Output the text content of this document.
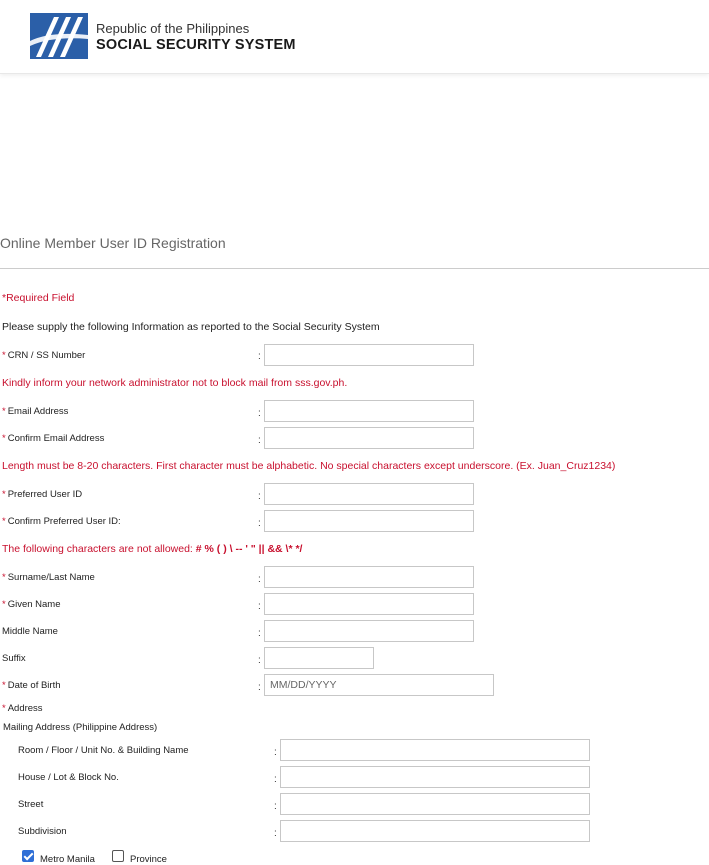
Republic of the Philippines
SOCIAL SECURITY SYSTEM
Online Member User ID Registration
*Required Field
Please supply the following Information as reported to the Social Security System
* CRN / SS Number	:
Kindly inform your network administrator not to block mail from sss.gov.ph.
* Email Address	:
* Confirm Email Address	:
Length must be 8-20 characters. First character must be alphabetic. No special characters except underscore. (Ex. Juan_Cruz1234)
* Preferred User ID	:
* Confirm Preferred User ID:	:
The following characters are not allowed: # % ( ) \ -- ' " || && \* */
* Surname/Last Name	:
* Given Name	:
Middle Name	:
Suffix	:
* Date of Birth	:
MM/DD/YYYY
* Address
Mailing Address (Philippine Address)
Room / Floor / Unit No. & Building Name	:
House / Lot & Block No.	:
Street	:
Subdivision	:
Metro Manila	Province
